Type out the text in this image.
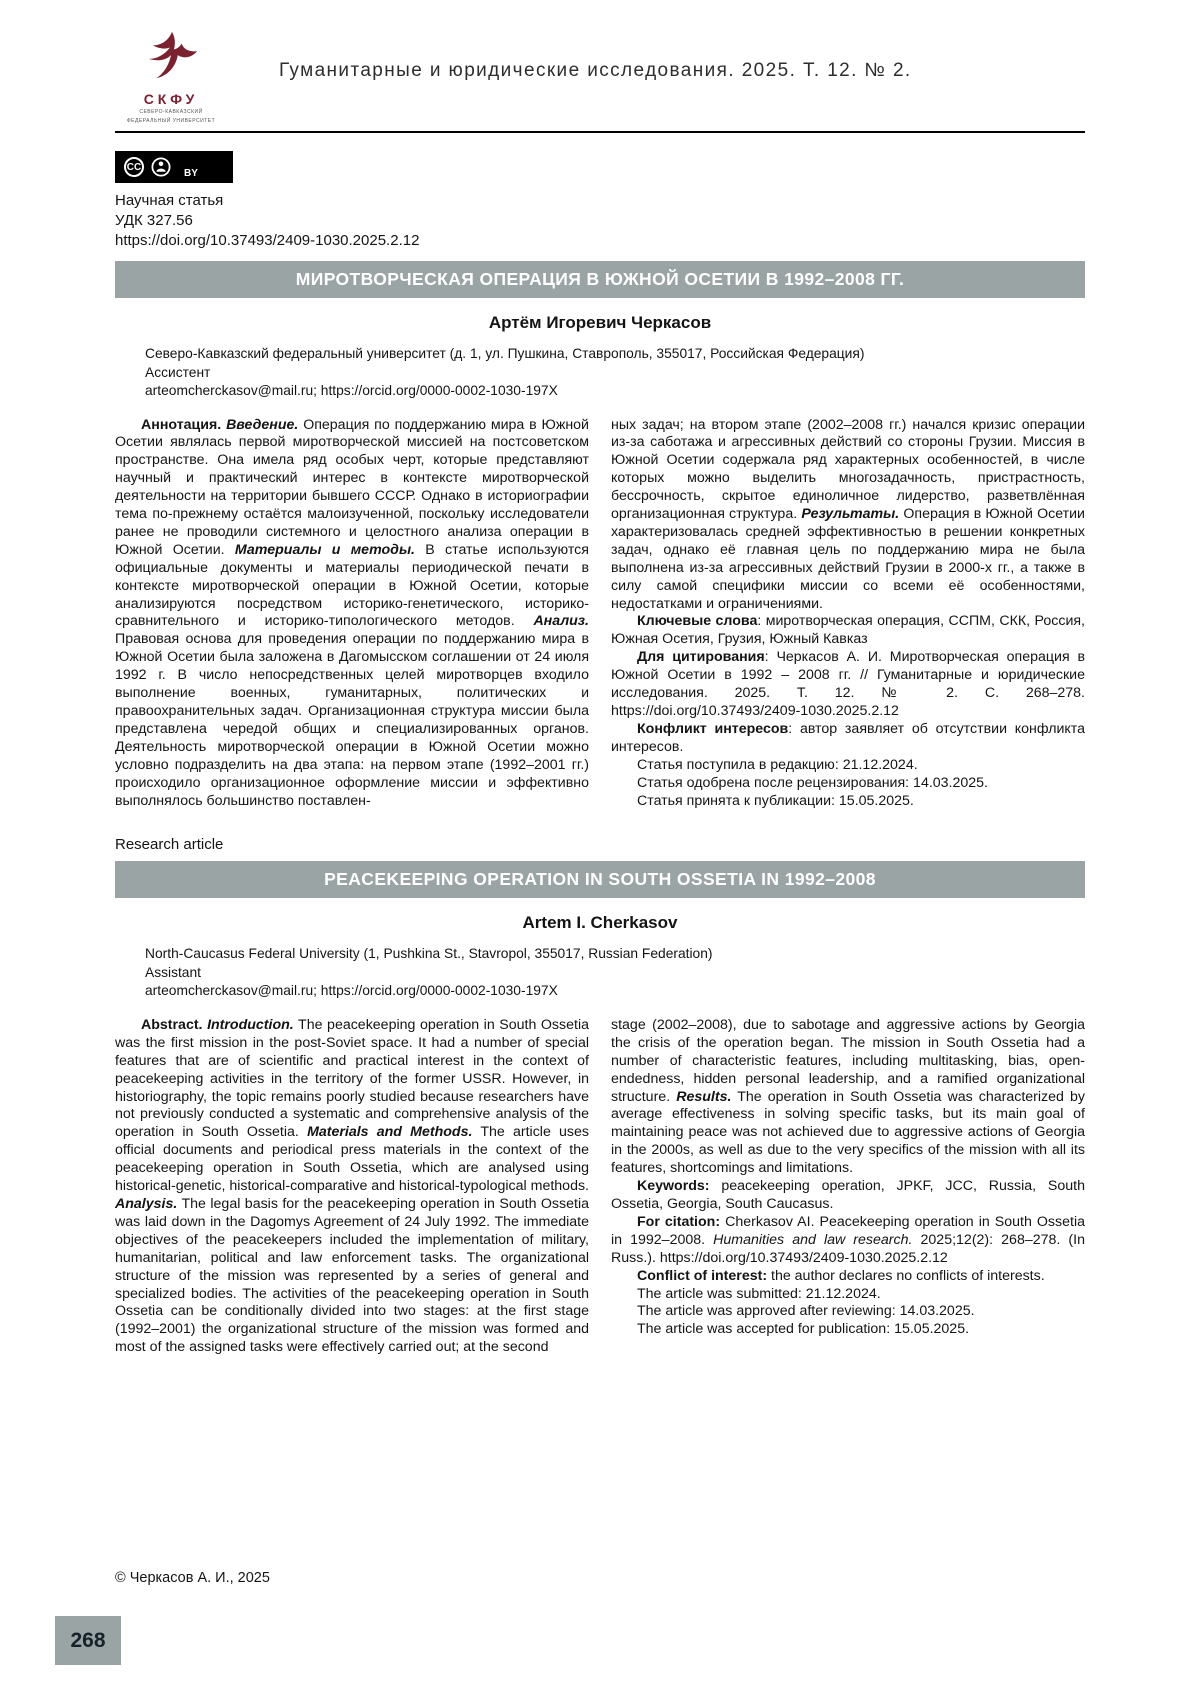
СКФУ
СЕВЕРО-КАВКАЗСКИЙ
ФЕДЕРАЛЬНЫЙ УНИВЕРСИТЕТ
Гуманитарные и юридические исследования. 2025. Т. 12. № 2.
CC
BY
Научная статья
УДК 327.56
https://doi.org/10.37493/2409-1030.2025.2.12
МИРОТВОРЧЕСКАЯ ОПЕРАЦИЯ В ЮЖНОЙ ОСЕТИИ В 1992–2008 ГГ.
Артём Игоревич Черкасов
Северо-Кавказский федеральный университет (д. 1, ул. Пушкина, Ставрополь, 355017, Российская Федерация)
Ассистент
arteomcherckasov@mail.ru; https://orcid.org/0000-0002-1030-197X

Аннотация. Введение. Операция по поддержанию мира в Южной Осетии являлась первой миротворческой миссией на постсоветском пространстве. Она имела ряд особых черт, которые представляют научный и практический интерес в контексте миротворческой деятельности на территории бывшего СССР. Однако в историографии тема по-прежнему остаётся малоизученной, поскольку исследователи ранее не проводили системного и целостного анализа операции в Южной Осетии. Материалы и методы. В статье используются официальные документы и материалы периодической печати в контексте миротворческой операции в Южной Осетии, которые анализируются посредством историко-генетического, историко-сравнительного и историко-типологического методов. Анализ. Правовая основа для проведения операции по поддержанию мира в Южной Осетии была заложена в Дагомысском соглашении от 24 июля 1992 г. В число непосредственных целей миротворцев входило выполнение военных, гуманитарных, политических и правоохранительных задач. Организационная структура миссии была представлена чередой общих и специализированных органов. Деятельность миротворческой операции в Южной Осетии можно условно подразделить на два этапа: на первом этапе (1992–2001 гг.) происходило организационное оформление миссии и эффективно выполнялось большинство поставлен-

ных задач; на втором этапе (2002–2008 гг.) начался кризис операции из-за саботажа и агрессивных действий со стороны Грузии. Миссия в Южной Осетии содержала ряд характерных особенностей, в числе которых можно выделить многозадачность, пристрастность, бессрочность, скрытое единоличное лидерство, разветвлённая организационная структура. Результаты. Операция в Южной Осетии характеризовалась средней эффективностью в решении конкретных задач, однако её главная цель по поддержанию мира не была выполнена из-за агрессивных действий Грузии в 2000-х гг., а также в силу самой специфики миссии со всеми её особенностями, недостатками и ограничениями.

Ключевые слова: миротворческая операция, ССПМ, СКК, Россия, Южная Осетия, Грузия, Южный Кавказ

Для цитирования: Черкасов А. И. Миротворческая операция в Южной Осетии в 1992 – 2008 гг. // Гуманитарные и юридические исследования. 2025. Т. 12. № 2. С. 268–278. https://doi.org/10.37493/2409-1030.2025.2.12

Конфликт интересов: автор заявляет об отсутствии конфликта интересов.

Статья поступила в редакцию: 21.12.2024.

Статья одобрена после рецензирования: 14.03.2025.

Статья принята к публикации: 15.05.2025.

Research article
PEACEKEEPING OPERATION IN SOUTH OSSETIA IN 1992–2008
Artem I. Cherkasov
North-Caucasus Federal University (1, Pushkina St., Stavropol, 355017, Russian Federation)
Assistant
arteomcherckasov@mail.ru; https://orcid.org/0000-0002-1030-197X

Abstract. Introduction. The peacekeeping operation in South Ossetia was the first mission in the post-Soviet space. It had a number of special features that are of scientific and practical interest in the context of peacekeeping activities in the territory of the former USSR. However, in historiography, the topic remains poorly studied because researchers have not previously conducted a systematic and comprehensive analysis of the operation in South Ossetia. Materials and Methods. The article uses official documents and periodical press materials in the context of the peacekeeping operation in South Ossetia, which are analysed using historical-genetic, historical-comparative and historical-typological methods. Analysis. The legal basis for the peacekeeping operation in South Ossetia was laid down in the Dagomys Agreement of 24 July 1992. The immediate objectives of the peacekeepers included the implementation of military, humanitarian, political and law enforcement tasks. The organizational structure of the mission was represented by a series of general and specialized bodies. The activities of the peacekeeping operation in South Ossetia can be conditionally divided into two stages: at the first stage (1992–2001) the organizational structure of the mission was formed and most of the assigned tasks were effectively carried out; at the second

stage (2002–2008), due to sabotage and aggressive actions by Georgia the crisis of the operation began. The mission in South Ossetia had a number of characteristic features, including multitasking, bias, open-endedness, hidden personal leadership, and a ramified organizational structure. Results. The operation in South Ossetia was characterized by average effectiveness in solving specific tasks, but its main goal of maintaining peace was not achieved due to aggressive actions of Georgia in the 2000s, as well as due to the very specifics of the mission with all its features, shortcomings and limitations.

Keywords: peacekeeping operation, JPKF, JCC, Russia, South Ossetia, Georgia, South Caucasus.

For citation: Cherkasov AI. Peacekeeping operation in South Ossetia in 1992–2008. Humanities and law research. 2025;12(2): 268–278. (In Russ.). https://doi.org/10.37493/2409-1030.2025.2.12

Conflict of interest: the author declares no conflicts of interests.

The article was submitted: 21.12.2024.

The article was approved after reviewing: 14.03.2025.

The article was accepted for publication: 15.05.2025.

© Черкасов А. И., 2025
268
